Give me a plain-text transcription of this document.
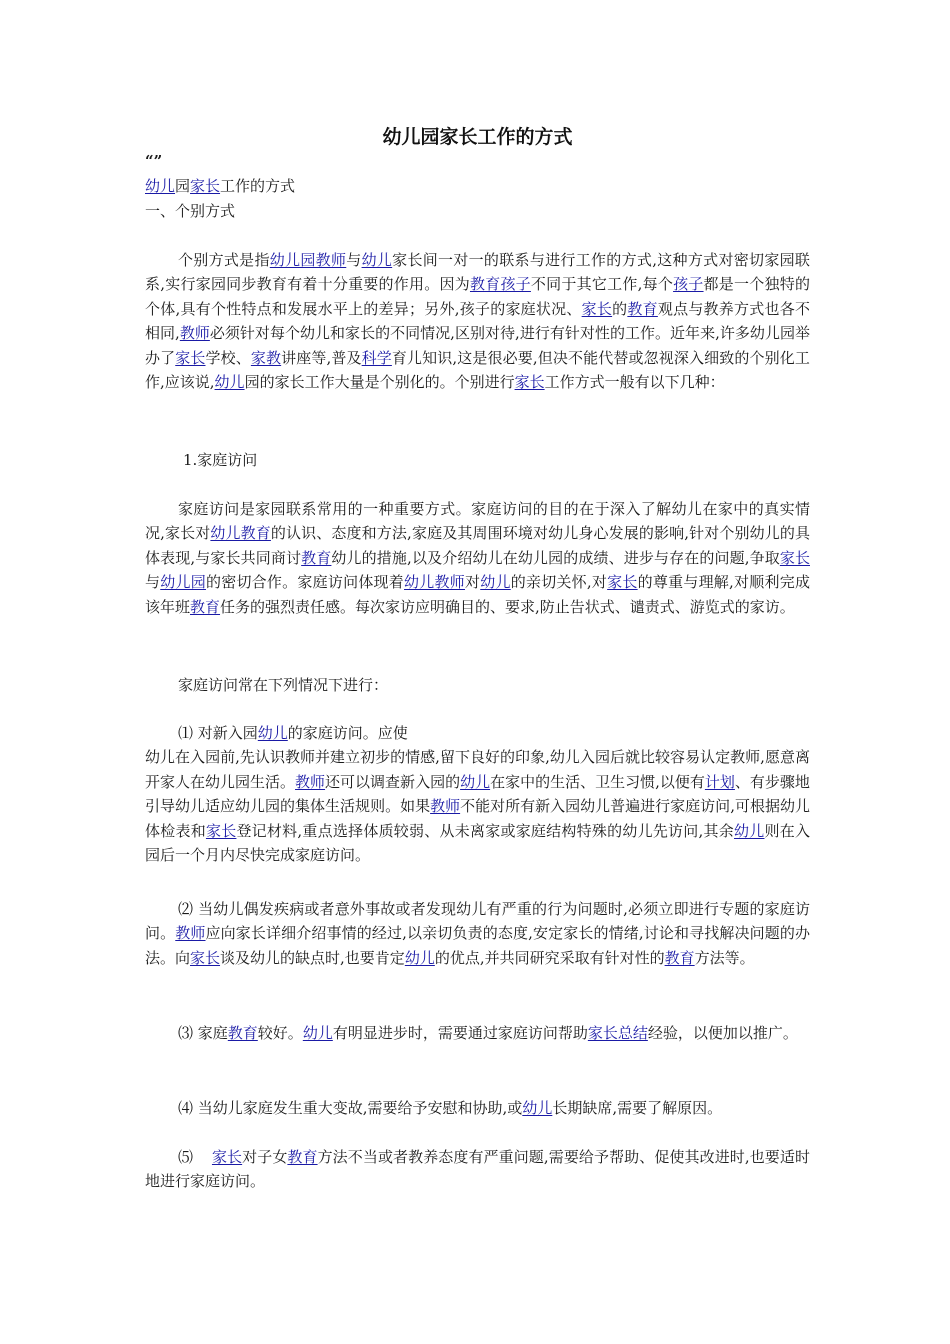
幼儿园家长工作的方式
“”
幼儿园家长工作的方式
一、个别方式
个别方式是指幼儿园教师与幼儿家长间一对一的联系与进行工作的方式,这种方式对密切家园联系,实行家园同步教育有着十分重要的作用。因为教育孩子不同于其它工作,每个孩子都是一个独特的个体,具有个性特点和发展水平上的差异；另外,孩子的家庭状况、家长的教育观点与教养方式也各不相同,教师必须针对每个幼儿和家长的不同情况,区别对待,进行有针对性的工作。近年来,许多幼儿园举办了家长学校、家教讲座等,普及科学育儿知识,这是很必要,但决不能代替或忽视深入细致的个别化工作,应该说,幼儿园的家长工作大量是个别化的。个别进行家长工作方式一般有以下几种：
1.家庭访问
家庭访问是家园联系常用的一种重要方式。家庭访问的目的在于深入了解幼儿在家中的真实情况,家长对幼儿教育的认识、态度和方法,家庭及其周围环境对幼儿身心发展的影响,针对个别幼儿的具体表现,与家长共同商讨教育幼儿的措施,以及介绍幼儿在幼儿园的成绩、进步与存在的问题,争取家长与幼儿园的密切合作。家庭访问体现着幼儿教师对幼儿的亲切关怀,对家长的尊重与理解,对顺利完成该年班教育任务的强烈责任感。每次家访应明确目的、要求,防止告状式、谴责式、游览式的家访。
家庭访问常在下列情况下进行：
⑴ 对新入园幼儿的家庭访问。应使
幼儿在入园前,先认识教师并建立初步的情感,留下良好的印象,幼儿入园后就比较容易认定教师,愿意离开家人在幼儿园生活。教师还可以调查新入园的幼儿在家中的生活、卫生习惯,以便有计划、有步骤地引导幼儿适应幼儿园的集体生活规则。如果教师不能对所有新入园幼儿普遍进行家庭访问,可根据幼儿体检表和家长登记材料,重点选择体质较弱、从未离家或家庭结构特殊的幼儿先访问,其余幼儿则在入园后一个月内尽快完成家庭访问。
⑵ 当幼儿偶发疾病或者意外事故或者发现幼儿有严重的行为问题时,必须立即进行专题的家庭访问。教师应向家长详细介绍事情的经过,以亲切负责的态度,安定家长的情绪,讨论和寻找解决问题的办法。向家长谈及幼儿的缺点时,也要肯定幼儿的优点,并共同研究采取有针对性的教育方法等。
⑶ 家庭教育较好。幼儿有明显进步时，需要通过家庭访问帮助家长总结经验，以便加以推广。
⑷ 当幼儿家庭发生重大变故,需要给予安慰和协助,或幼儿长期缺席,需要了解原因。
⑸ 家长对子女教育方法不当或者教养态度有严重问题,需要给予帮助、促使其改进时,也要适时地进行家庭访问。
